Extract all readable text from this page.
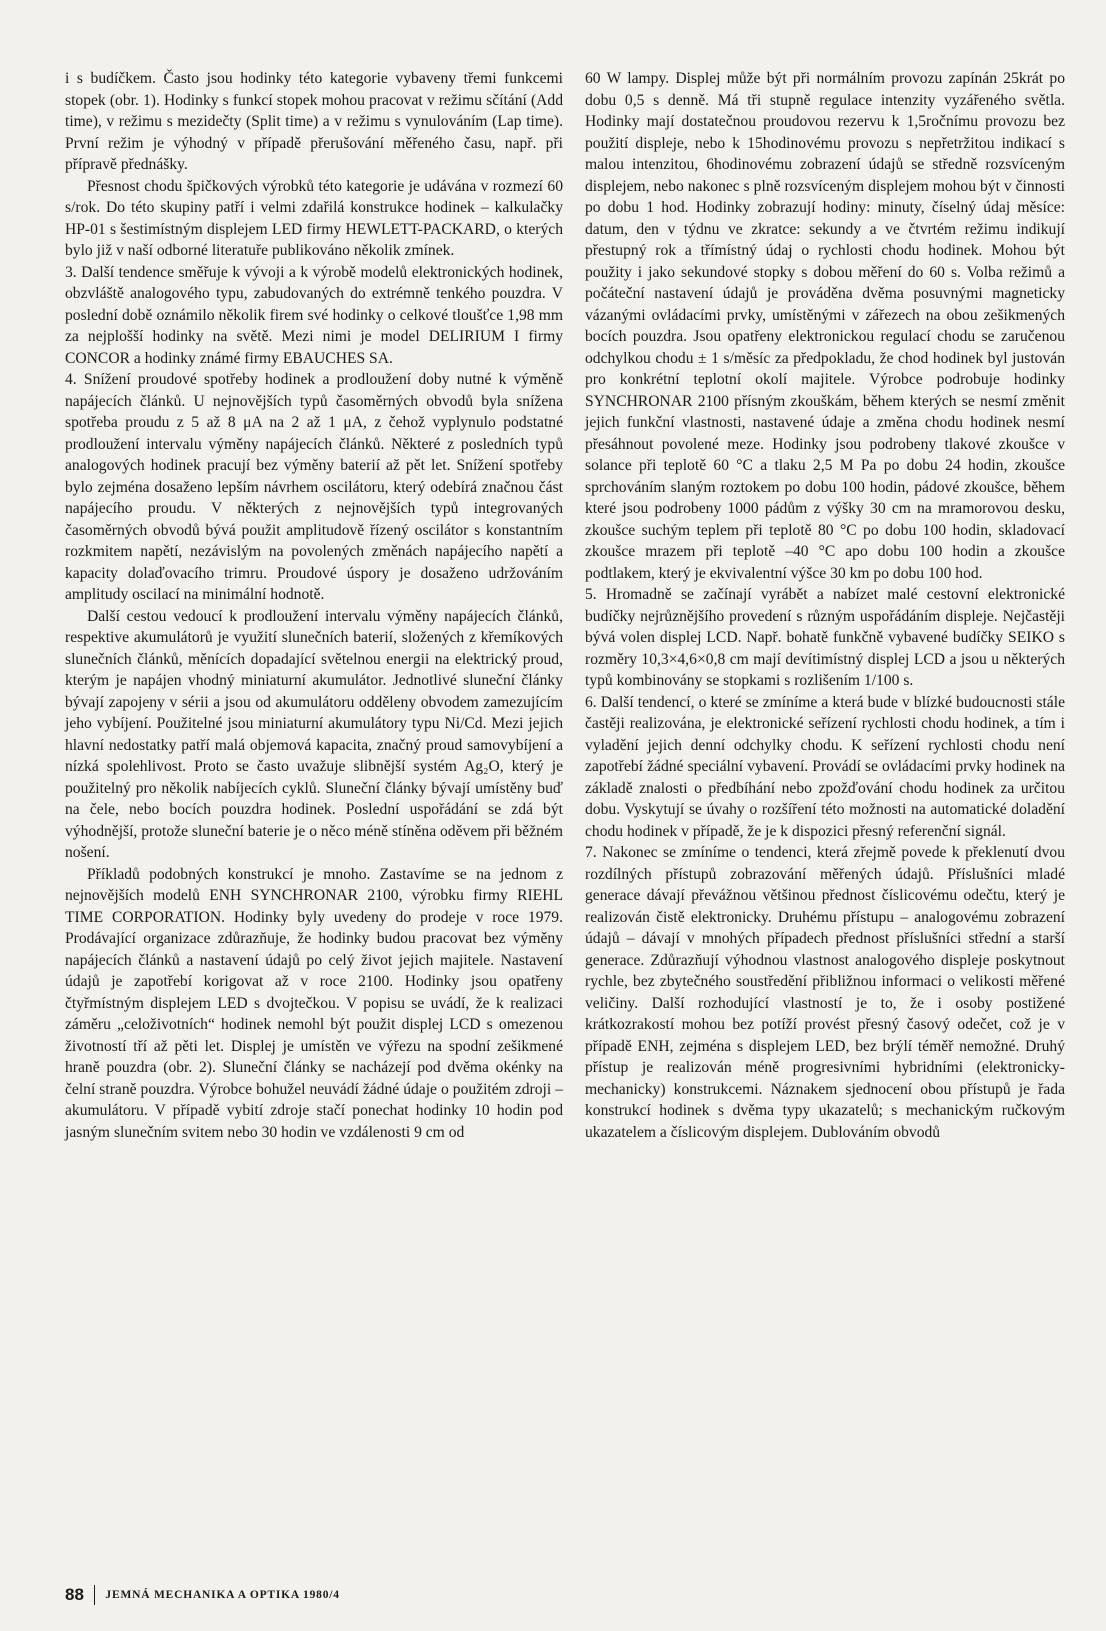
i s budíčkem. Často jsou hodinky této kategorie vybaveny třemi funkcemi stopek (obr. 1). Hodinky s funkcí stopek mohou pracovat v režimu sčítání (Add time), v režimu s mezidečty (Split time) a v režimu s vynulováním (Lap time). První režim je výhodný v případě přerušování měřeného času, např. při přípravě přednášky.

Přesnost chodu špičkových výrobků této kategorie je udávána v rozmezí 60 s/rok. Do této skupiny patří i velmi zdařilá konstrukce hodinek – kalkulačky HP-01 s šestimístným displejem LED firmy HEWLETT-PACKARD, o kterých bylo již v naší odborné literatuře publikováno několik zmínek.

3. Další tendence směřuje k vývoji a k výrobě modelů elektronických hodinek, obzvláště analogového typu, zabudovaných do extrémně tenkého pouzdra. V poslední době oznámilo několik firem své hodinky o celkové tloušťce 1,98 mm za nejplošší hodinky na světě. Mezi nimi je model DELIRIUM I firmy CONCOR a hodinky známé firmy EBAUCHES SA.

4. Snížení proudové spotřeby hodinek a prodloužení doby nutné k výměně napájecích článků. U nejnovějších typů časoměrných obvodů byla snížena spotřeba proudu z 5 až 8 μA na 2 až 1 μA, z čehož vyplynulo podstatné prodloužení intervalu výměny napájecích článků. Některé z posledních typů analogových hodinek pracují bez výměny baterií až pět let. Snížení spotřeby bylo zejména dosaženo lepším návrhem oscilátoru, který odebírá značnou část napájecího proudu. V některých z nejnovějších typů integrovaných časoměrných obvodů bývá použit amplitudově řízený oscilátor s konstantním rozkmitem napětí, nezávislým na povolených změnách napájecího napětí a kapacity dolaďovacího trimru. Proudové úspory je dosaženo udržováním amplitudy oscilací na minimální hodnotě.

Další cestou vedoucí k prodloužení intervalu výměny napájecích článků, respektive akumulátorů je využití slunečních baterií, složených z křemíkových slunečních článků, měnících dopadající světelnou energii na elektrický proud, kterým je napájen vhodný miniaturní akumulátor. Jednotlivé sluneční články bývají zapojeny v sérii a jsou od akumulátoru odděleny obvodem zamezujícím jeho vybíjení. Použitelné jsou miniaturní akumulátory typu Ni/Cd. Mezi jejich hlavní nedostatky patří malá objemová kapacita, značný proud samovybíjení a nízká spolehlivost. Proto se často uvažuje slibnější systém Ag₂O, který je použitelný pro několik nabíjecích cyklů. Sluneční články bývají umístěny buď na čele, nebo bocích pouzdra hodinek. Poslední uspořádání se zdá být výhodnější, protože sluneční baterie je o něco méně stíněna oděvem při běžném nošení.

Příkladů podobných konstrukcí je mnoho. Zastavíme se na jednom z nejnovějších modelů ENH SYNCHRONAR 2100, výrobku firmy RIEHL TIME CORPORATION. Hodinky byly uvedeny do prodeje v roce 1979. Prodávající organizace zdůrazňuje, že hodinky budou pracovat bez výměny napájecích článků a nastavení údajů po celý život jejich majitele. Nastavení údajů je zapotřebí korigovat až v roce 2100. Hodinky jsou opatřeny čtyřmístným displejem LED s dvojtečkou. V popisu se uvádí, že k realizaci záměru „celoživotních“ hodinek nemohl být použit displej LCD s omezenou životností tří až pěti let. Displej je umístěn ve výřezu na spodní zešikmené hraně pouzdra (obr. 2). Sluneční články se nacházejí pod dvěma okénky na čelní straně pouzdra. Výrobce bohužel neuvádí žádné údaje o použitém zdroji – akumulátoru. V případě vybití zdroje stačí ponechat hodinky 10 hodin pod jasným slunečním svitem nebo 30 hodin ve vzdálenosti 9 cm od

60 W lampy. Displej může být při normálním provozu zapínán 25krát po dobu 0,5 s denně. Má tři stupně regulace intenzity vyzářeného světla. Hodinky mají dostatečnou proudovou rezervu k 1,5ročnímu provozu bez použití displeje, nebo k 15hodinovému provozu s nepřetržitou indikací s malou intenzitou, 6hodinovému zobrazení údajů se středně rozsvíceným displejem, nebo nakonec s plně rozsvíceným displejem mohou být v činnosti po dobu 1 hod. Hodinky zobrazují hodiny: minuty, číselný údaj měsíce: datum, den v týdnu ve zkratce: sekundy a ve čtvrtém režimu indikují přestupný rok a třímístný údaj o rychlosti chodu hodinek. Mohou být použity i jako sekundové stopky s dobou měření do 60 s. Volba režimů a počáteční nastavení údajů je prováděna dvěma posuvnými magneticky vázanými ovládacími prvky, umístěnými v zářezech na obou zešikmených bocích pouzdra. Jsou opatřeny elektronickou regulací chodu se zaručenou odchylkou chodu ± 1 s/měsíc za předpokladu, že chod hodinek byl justován pro konkrétní teplotní okolí majitele. Výrobce podrobuje hodinky SYNCHRONAR 2100 přísným zkouškám, během kterých se nesmí změnit jejich funkční vlastnosti, nastavené údaje a změna chodu hodinek nesmí přesáhnout povolené meze. Hodinky jsou podrobeny tlakové zkoušce v solance při teplotě 60 °C a tlaku 2,5 M Pa po dobu 24 hodin, zkoušce sprchováním slaným roztokem po dobu 100 hodin, pádové zkoušce, během které jsou podrobeny 1000 pádům z výšky 30 cm na mramorovou desku, zkoušce suchým teplem při teplotě 80 °C po dobu 100 hodin, skladovací zkoušce mrazem při teplotě –40 °C apo dobu 100 hodin a zkoušce podtlakem, který je ekvivalentní výšce 30 km po dobu 100 hod.

5. Hromadně se začínají vyrábět a nabízet malé cestovní elektronické budíčky nejrůznějšího provedení s různým uspořádáním displeje. Nejčastěji bývá volen displej LCD. Např. bohatě funkčně vybavené budíčky SEIKO s rozměry 10,3×4,6×0,8 cm mají devítimístný displej LCD a jsou u některých typů kombinovány se stopkami s rozlišením 1/100 s.

6. Další tendencí, o které se zmíníme a která bude v blízké budoucnosti stále častěji realizována, je elektronické seřízení rychlosti chodu hodinek, a tím i vyladění jejich denní odchylky chodu. K seřízení rychlosti chodu není zapotřebí žádné speciální vybavení. Provádí se ovládacími prvky hodinek na základě znalosti o předbíhání nebo zpožďování chodu hodinek za určitou dobu. Vyskytují se úvahy o rozšíření této možnosti na automatické doladění chodu hodinek v případě, že je k dispozici přesný referenční signál.

7. Nakonec se zmíníme o tendenci, která zřejmě povede k překlenutí dvou rozdílných přístupů zobrazování měřených údajů. Příslušníci mladé generace dávají převážnou většinou přednost číslicovému odečtu, který je realizován čistě elektronicky. Druhému přístupu – analogovému zobrazení údajů – dávají v mnohých případech přednost příslušníci střední a starší generace. Zdůrazňují výhodnou vlastnost analogového displeje poskytnout rychle, bez zbytečného soustředění přibližnou informaci o velikosti měřené veličiny. Další rozhodující vlastností je to, že i osoby postižené krátkozrakostí mohou bez potíží provést přesný časový odečet, což je v případě ENH, zejména s displejem LED, bez brýlí téměř nemožné. Druhý přístup je realizován méně progresivními hybridními (elektronicky-mechanicky) konstrukcemi. Náznakem sjednocení obou přístupů je řada konstrukcí hodinek s dvěma typy ukazatelů; s mechanickým ručkovým ukazatelem a číslicovým displejem. Dublováním obvodů

88 JEMNÁ MECHANIKA A OPTIKA 1980/4
